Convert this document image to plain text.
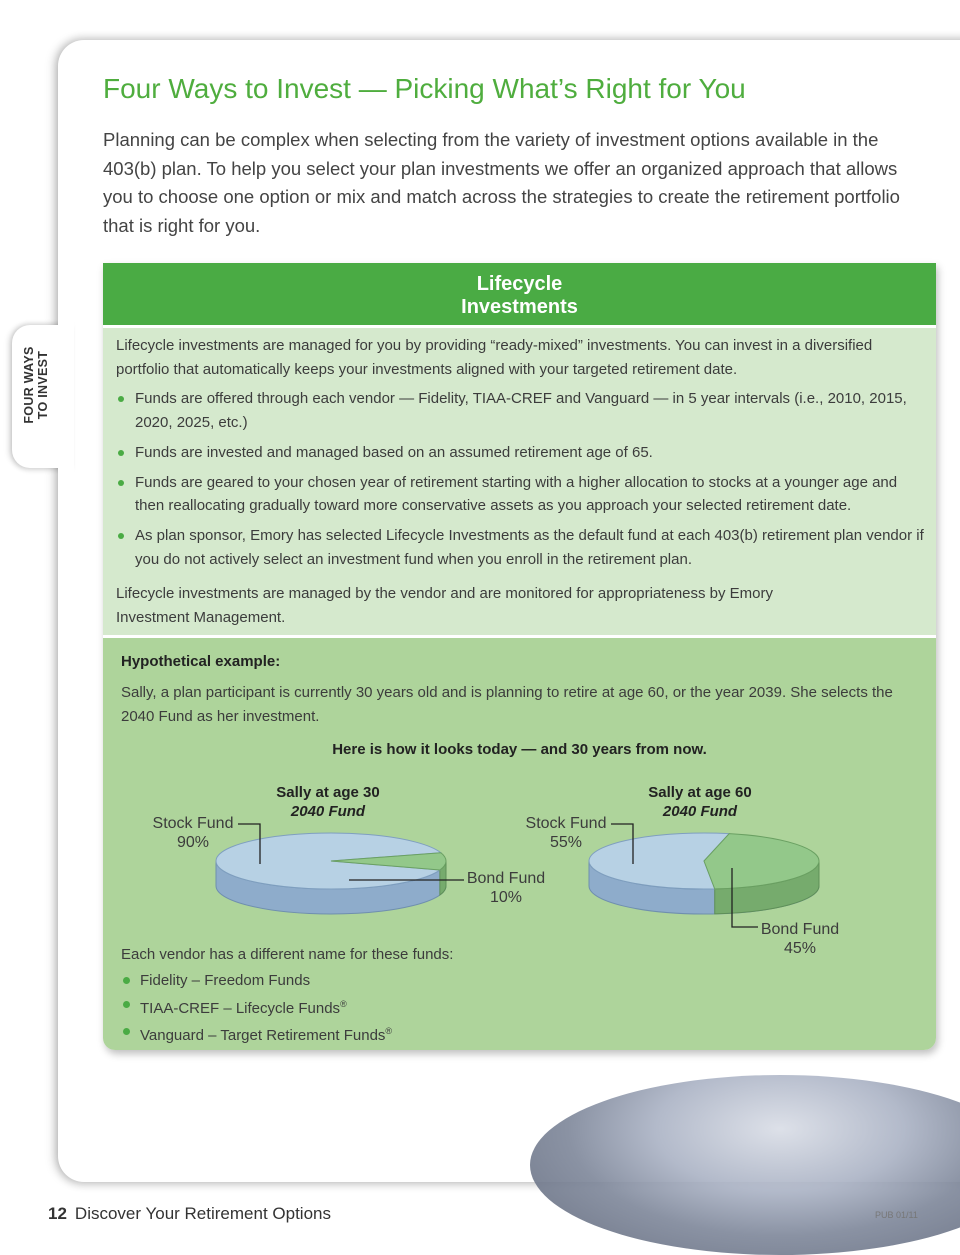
FOUR WAYS TO INVEST
Four Ways to Invest — Picking What’s Right for You

Planning can be complex when selecting from the variety of investment options available in the 403(b) plan. To help you select your plan investments we offer an organized approach that allows you to choose one option or mix and match across the strategies to create the retirement portfolio that is right for you.

Lifecycle
Investments

Lifecycle investments are managed for you by providing “ready-mixed” investments. You can invest in a diversified portfolio that automatically keeps your investments aligned with your targeted retirement date.

Funds are offered through each vendor — Fidelity, TIAA-CREF and Vanguard — in 5 year intervals (i.e., 2010, 2015, 2020, 2025, etc.)
Funds are invested and managed based on an assumed retirement age of 65.
Funds are geared to your chosen year of retirement starting with a higher allocation to stocks at a younger age and then reallocating gradually toward more conservative assets as you approach your selected retirement date.
As plan sponsor, Emory has selected Lifecycle Investments as the default fund at each 403(b) retirement plan vendor if you do not actively select an investment fund when you enroll in the retirement plan.

Lifecycle investments are managed by the vendor and are monitored for appropriateness by Emory Investment Management.

Hypothetical example:
Sally, a plan participant is currently 30 years old and is planning to retire at age 60, or the year 2039. She selects the 2040 Fund as her investment.
Here is how it looks today — and 30 years from now.
Sally at age 30
2040 Fund
Stock Fund
90%
Bond Fund
10%
Sally at age 60
2040 Fund
Stock Fund
55%
Bond Fund
45%
Each vendor has a different name for these funds:
Fidelity – Freedom Funds
TIAA-CREF – Lifecycle Funds®
Vanguard – Target Retirement Funds®
12 Discover Your Retirement Options	PUB 01/11
